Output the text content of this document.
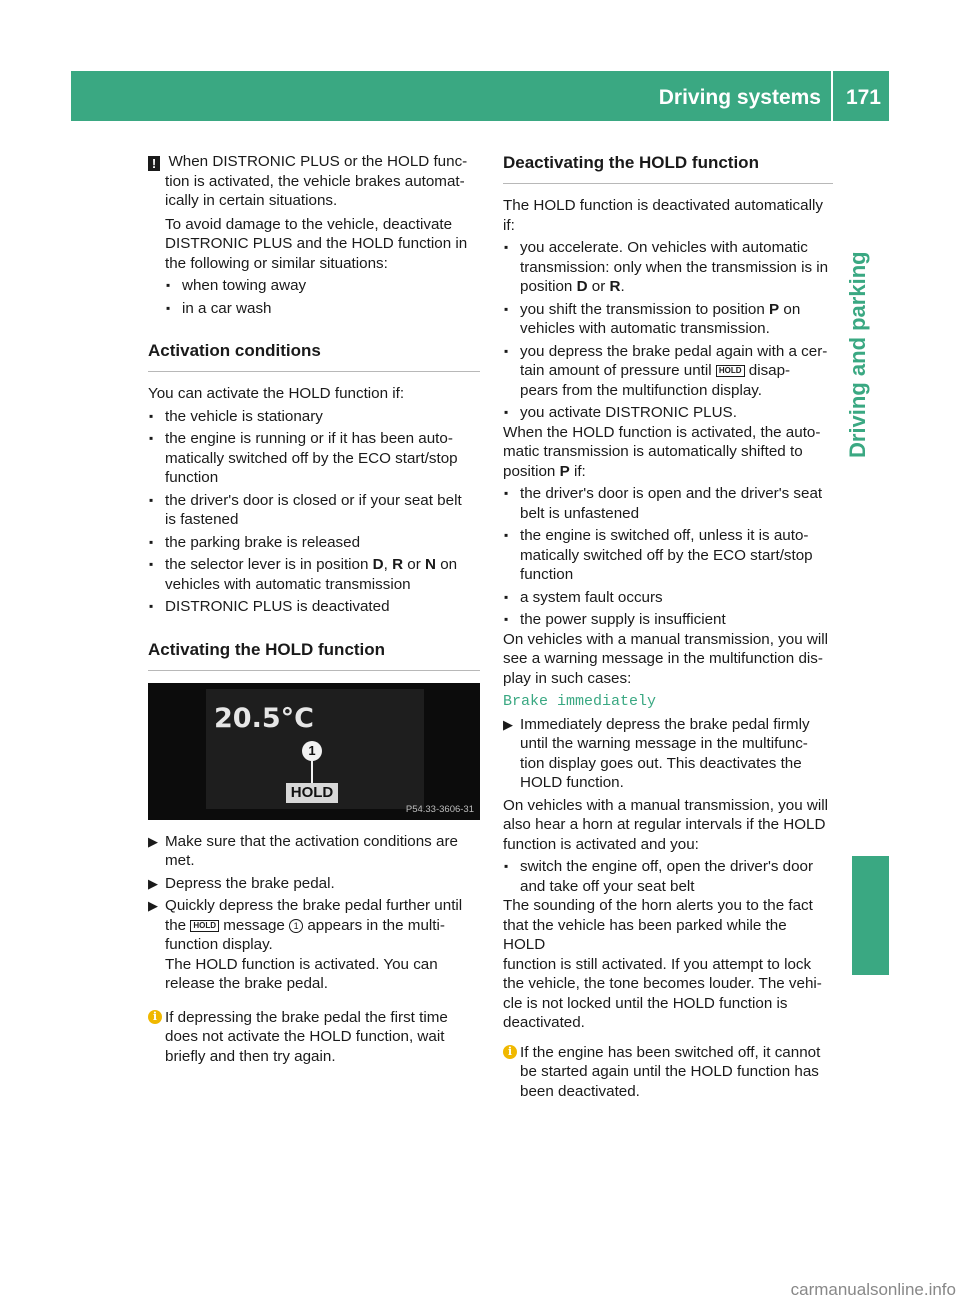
Driving systems 171
Driving and parking

! When DISTRONIC PLUS or the HOLD func-

tion is activated, the vehicle brakes automat-

ically in certain situations.

To avoid damage to the vehicle, deactivate

DISTRONIC PLUS and the HOLD function in

the following or similar situations:

▪ when towing away
▪ in a car wash
Activation conditions

You can activate the HOLD function if:

▪ the vehicle is stationary
▪ the engine is running or if it has been auto-
matically switched off by the ECO start/stop
function
▪ the driver's door is closed or if your seat belt
is fastened
▪ the parking brake is released
▪ the selector lever is in position D, R or N on
vehicles with automatic transmission
▪ DISTRONIC PLUS is deactivated
Activating the HOLD function
20.5°C
1
HOLD
P54.33-3606-31
▶ Make sure that the activation conditions are
met.
▶ Depress the brake pedal.
▶ Quickly depress the brake pedal further until
the HOLD message 1 appears in the multi-
function display.
The HOLD function is activated. You can
release the brake pedal.
i If depressing the brake pedal the first time
does not activate the HOLD function, wait
briefly and then try again.
Deactivating the HOLD function

The HOLD function is deactivated automatically

if:

▪ you accelerate. On vehicles with automatic
transmission: only when the transmission is in
position D or R.
▪ you shift the transmission to position P on
vehicles with automatic transmission.
▪ you depress the brake pedal again with a cer-
tain amount of pressure until HOLD disap-
pears from the multifunction display.
▪ you activate DISTRONIC PLUS.

When the HOLD function is activated, the auto-

matic transmission is automatically shifted to

position P if:

▪ the driver's door is open and the driver's seat
belt is unfastened
▪ the engine is switched off, unless it is auto-
matically switched off by the ECO start/stop
function
▪ a system fault occurs
▪ the power supply is insufficient

On vehicles with a manual transmission, you will

see a warning message in the multifunction dis-

play in such cases:

Brake immediately

▶ Immediately depress the brake pedal firmly
until the warning message in the multifunc-
tion display goes out. This deactivates the
HOLD function.

On vehicles with a manual transmission, you will

also hear a horn at regular intervals if the HOLD

function is activated and you:

▪ switch the engine off, open the driver's door
and take off your seat belt

The sounding of the horn alerts you to the fact

that the vehicle has been parked while the HOLD

function is still activated. If you attempt to lock

the vehicle, the tone becomes louder. The vehi-

cle is not locked until the HOLD function is

deactivated.

i If the engine has been switched off, it cannot
be started again until the HOLD function has
been deactivated.
carmanualsonline.info
